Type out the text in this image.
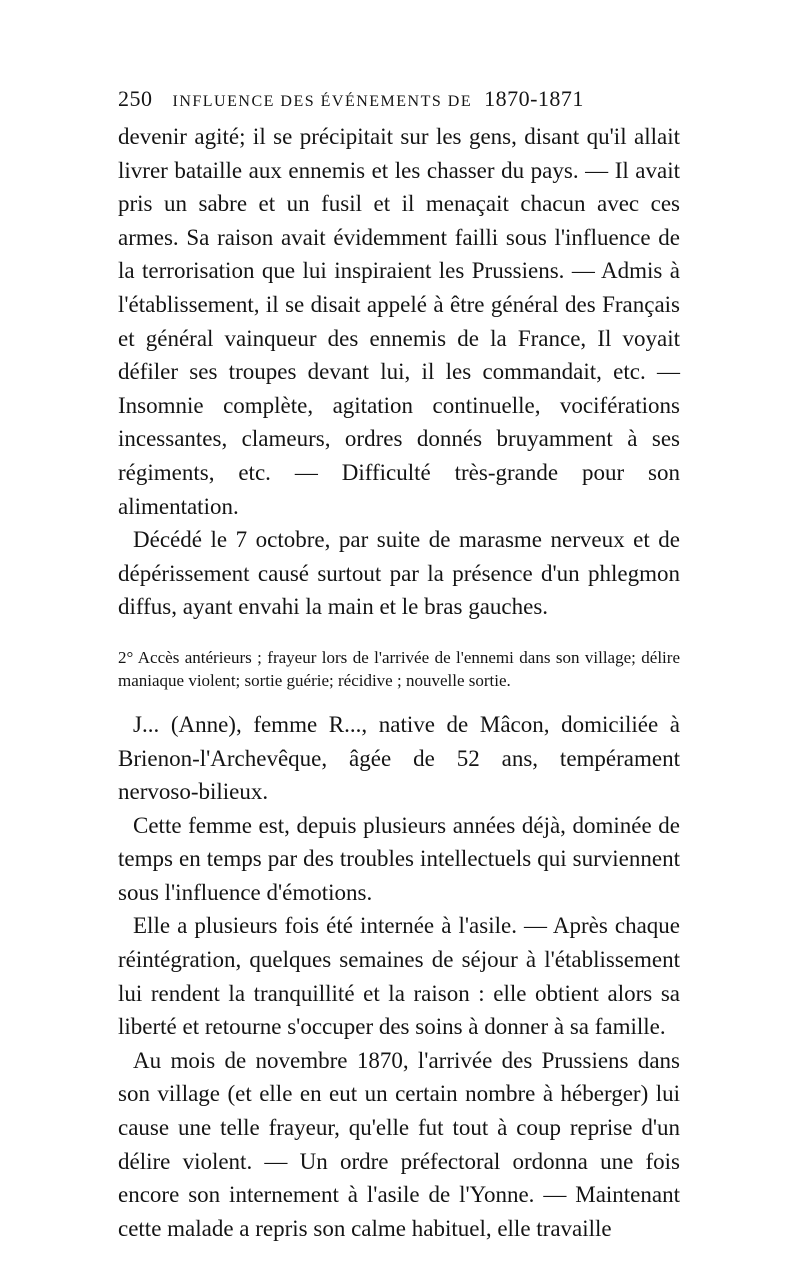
250 INFLUENCE DES ÉVÉNEMENTS DE 1870-1871

devenir agité; il se précipitait sur les gens, disant qu'il allait livrer bataille aux ennemis et les chasser du pays. — Il avait pris un sabre et un fusil et il menaçait chacun avec ces armes. Sa raison avait évidemment failli sous l'influence de la terrorisation que lui inspiraient les Prussiens. — Admis à l'établissement, il se disait appelé à être général des Français et général vainqueur des ennemis de la France, Il voyait défiler ses troupes devant lui, il les commandait, etc. — Insomnie complète, agitation continuelle, vociférations incessantes, clameurs, ordres donnés bruyamment à ses régiments, etc. — Difficulté très-grande pour son alimentation.

Décédé le 7 octobre, par suite de marasme nerveux et de dépérissement causé surtout par la présence d'un phlegmon diffus, ayant envahi la main et le bras gauches.

2° Accès antérieurs ; frayeur lors de l'arrivée de l'ennemi dans son village; délire maniaque violent; sortie guérie; récidive ; nouvelle sortie.

J... (Anne), femme R..., native de Mâcon, domiciliée à Brienon-l'Archevêque, âgée de 52 ans, tempérament nervoso-bilieux.

Cette femme est, depuis plusieurs années déjà, dominée de temps en temps par des troubles intellectuels qui surviennent sous l'influence d'émotions.

Elle a plusieurs fois été internée à l'asile. — Après chaque réintégration, quelques semaines de séjour à l'établissement lui rendent la tranquillité et la raison : elle obtient alors sa liberté et retourne s'occuper des soins à donner à sa famille.

Au mois de novembre 1870, l'arrivée des Prussiens dans son village (et elle en eut un certain nombre à héberger) lui cause une telle frayeur, qu'elle fut tout à coup reprise d'un délire violent. — Un ordre préfectoral ordonna une fois encore son internement à l'asile de l'Yonne. — Maintenant cette malade a repris son calme habituel, elle travaille
